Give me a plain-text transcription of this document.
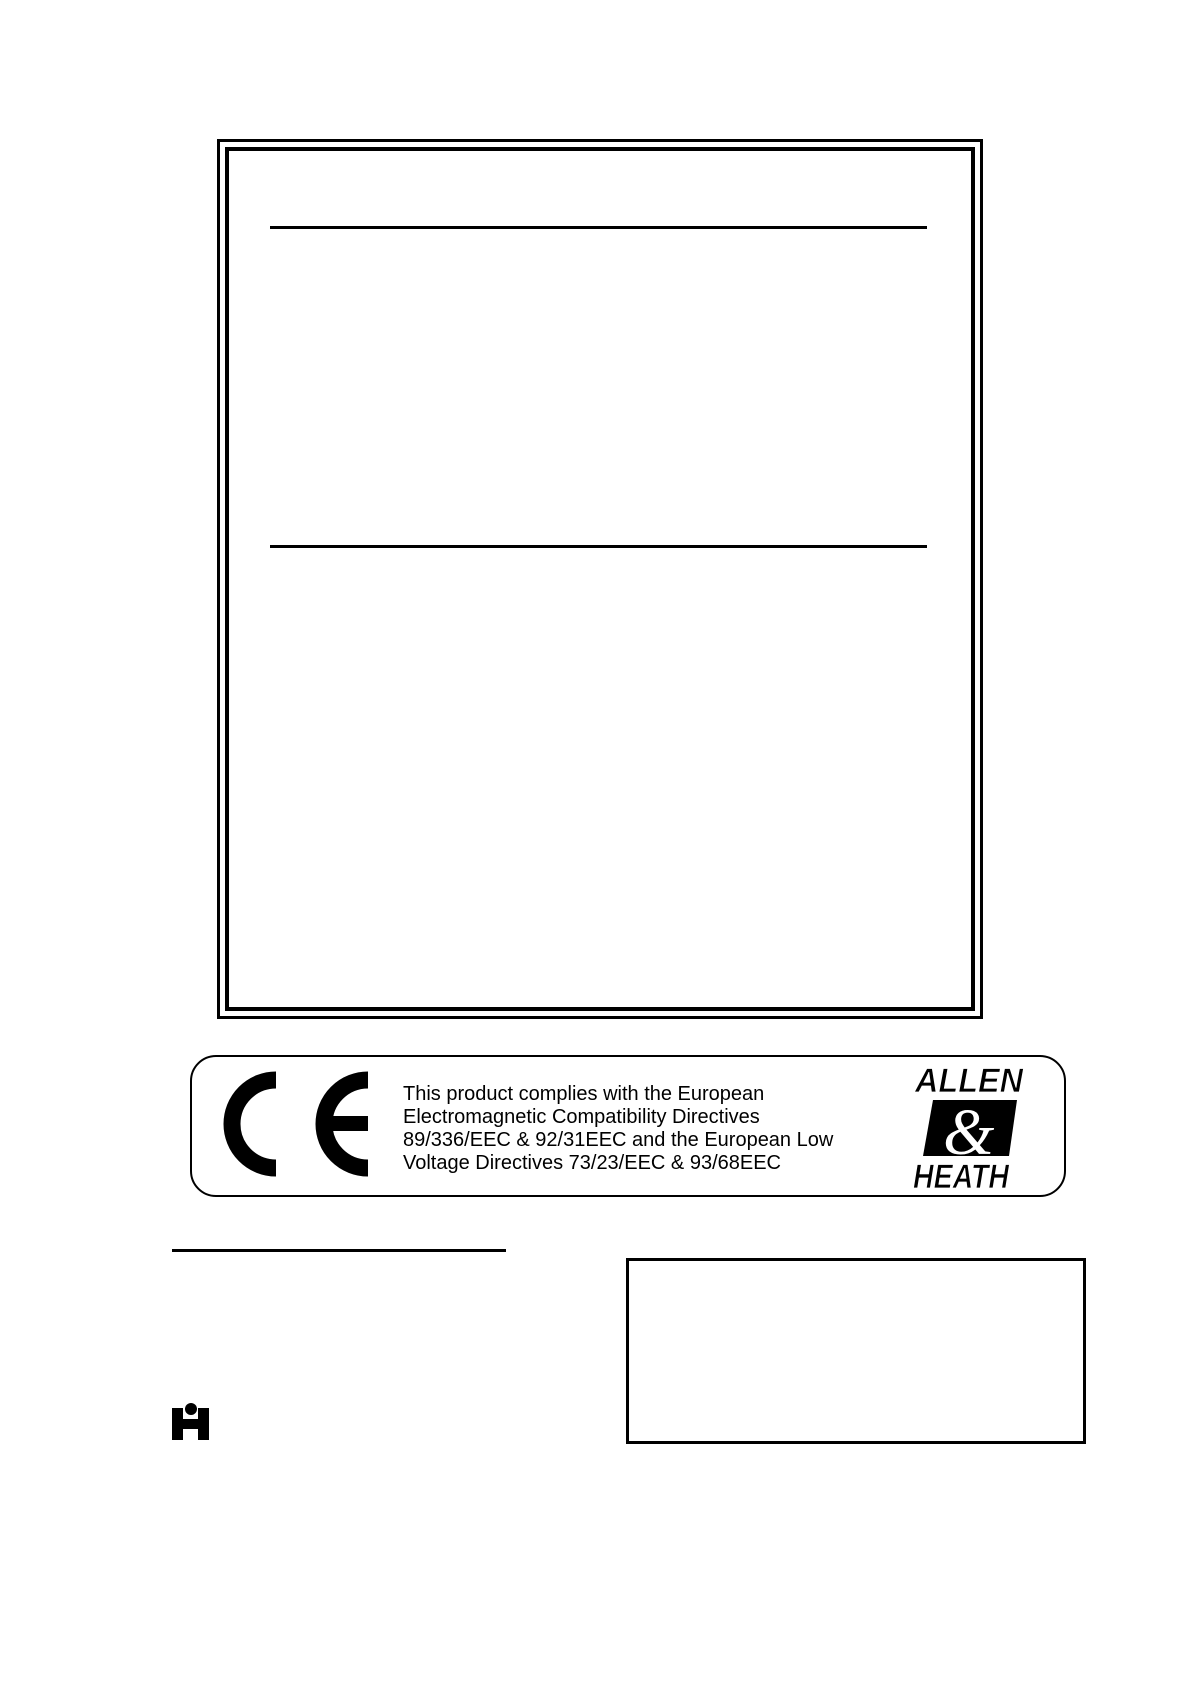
This product complies with the European
Electromagnetic Compatibility Directives
89/336/EEC & 92/31EEC and the European Low
Voltage Directives 73/23/EEC & 93/68EEC
ALLEN
&
HEATH
